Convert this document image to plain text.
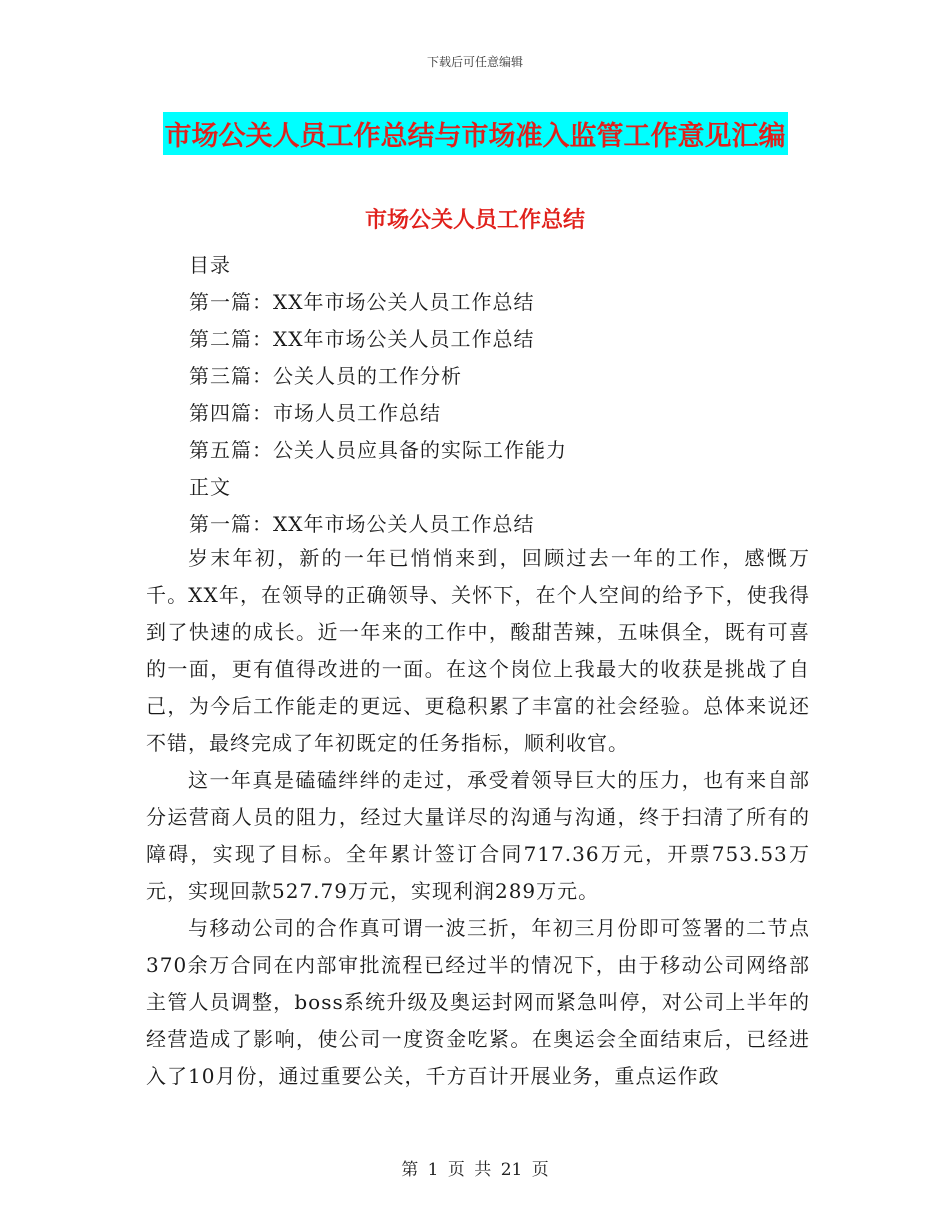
下载后可任意编辑
市场公关人员工作总结与市场准入监管工作意见汇编
市场公关人员工作总结
目录
第一篇：XX年市场公关人员工作总结
第二篇：XX年市场公关人员工作总结
第三篇：公关人员的工作分析
第四篇：市场人员工作总结
第五篇：公关人员应具备的实际工作能力
正文
第一篇：XX年市场公关人员工作总结

岁末年初，新的一年已悄悄来到，回顾过去一年的工作，感慨万千。XX年，在领导的正确领导、关怀下，在个人空间的给予下，使我得到了快速的成长。近一年来的工作中，酸甜苦辣，五味俱全，既有可喜的一面，更有值得改进的一面。在这个岗位上我最大的收获是挑战了自己，为今后工作能走的更远、更稳积累了丰富的社会经验。总体来说还不错，最终完成了年初既定的任务指标，顺利收官。

这一年真是磕磕绊绊的走过，承受着领导巨大的压力，也有来自部分运营商人员的阻力，经过大量详尽的沟通与沟通，终于扫清了所有的障碍，实现了目标。全年累计签订合同717.36万元，开票753.53万元，实现回款527.79万元，实现利润289万元。

与移动公司的合作真可谓一波三折，年初三月份即可签署的二节点370余万合同在内部审批流程已经过半的情况下，由于移动公司网络部主管人员调整，boss系统升级及奥运封网而紧急叫停，对公司上半年的经营造成了影响，使公司一度资金吃紧。在奥运会全面结束后，已经进入了10月份，通过重要公关，千方百计开展业务，重点运作政

第 1 页 共 21 页
